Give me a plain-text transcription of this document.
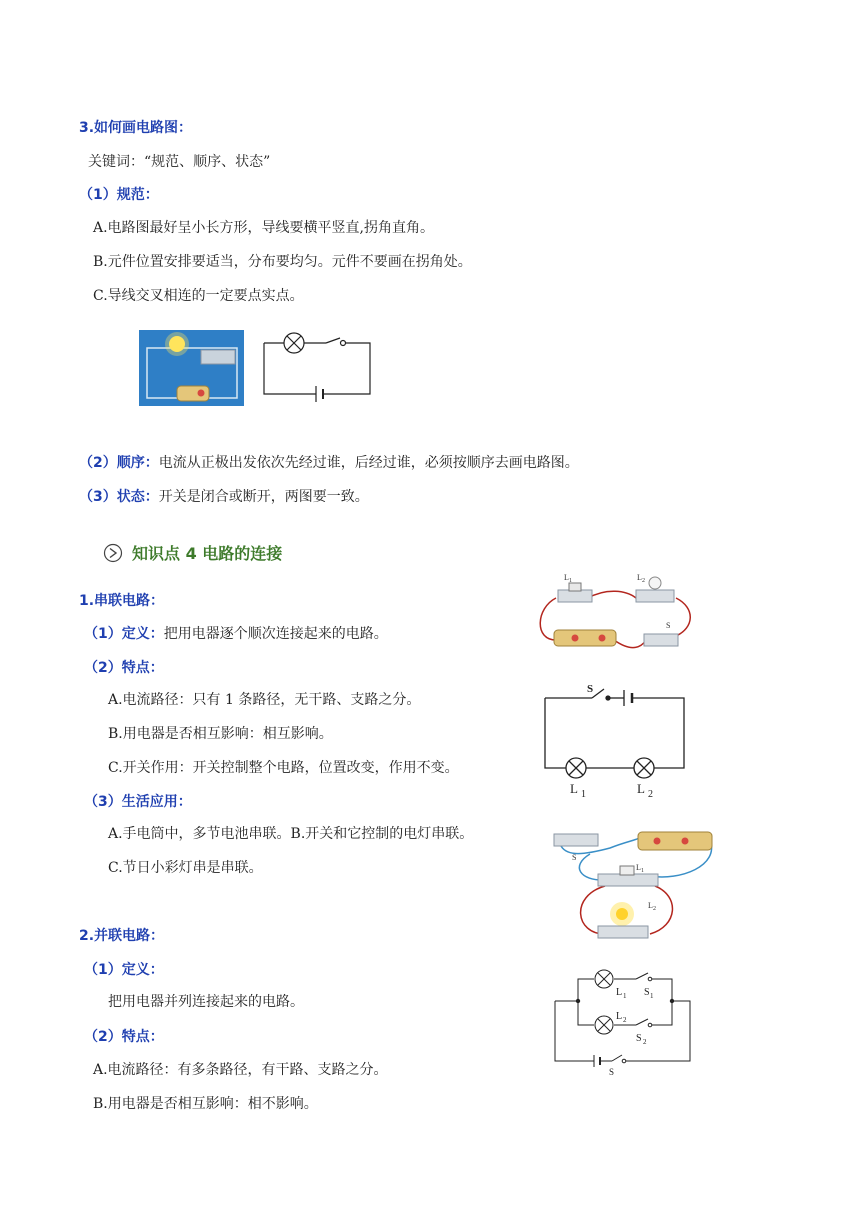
3.如何画电路图：
关键词：“规范、顺序、状态”
（1）规范：
A.电路图最好呈小长方形，导线要横平竖直,拐角直角。
B.元件位置安排要适当，分布要均匀。元件不要画在拐角处。
C.导线交叉相连的一定要点实点。
（2）顺序： 电流从正极出发依次先经过谁，后经过谁，必须按顺序去画电路图。
（3）状态： 开关是闭合或断开，两图要一致。
知识点 4 电路的连接
1.串联电路：
（1）定义： 把用电器逐个顺次连接起来的电路。
（2）特点：
A.电流路径：只有 1 条路径，无干路、支路之分。
B.用电器是否相互影响：相互影响。
C.开关作用：开关控制整个电路，位置改变，作用不变。
（3）生活应用：
A.手电筒中，多节电池串联。B.开关和它控制的电灯串联。
C.节日小彩灯串是串联。
L 1	L 2
S
S
L 1	L 2
S
L 1
L 2
2.并联电路：
（1）定义：
把用电器并列连接起来的电路。
（2）特点：
A.电流路径：有多条路径，有干路、支路之分。
B.用电器是否相互影响：相不影响。
L 1 S 1
L 2
S 2
S
